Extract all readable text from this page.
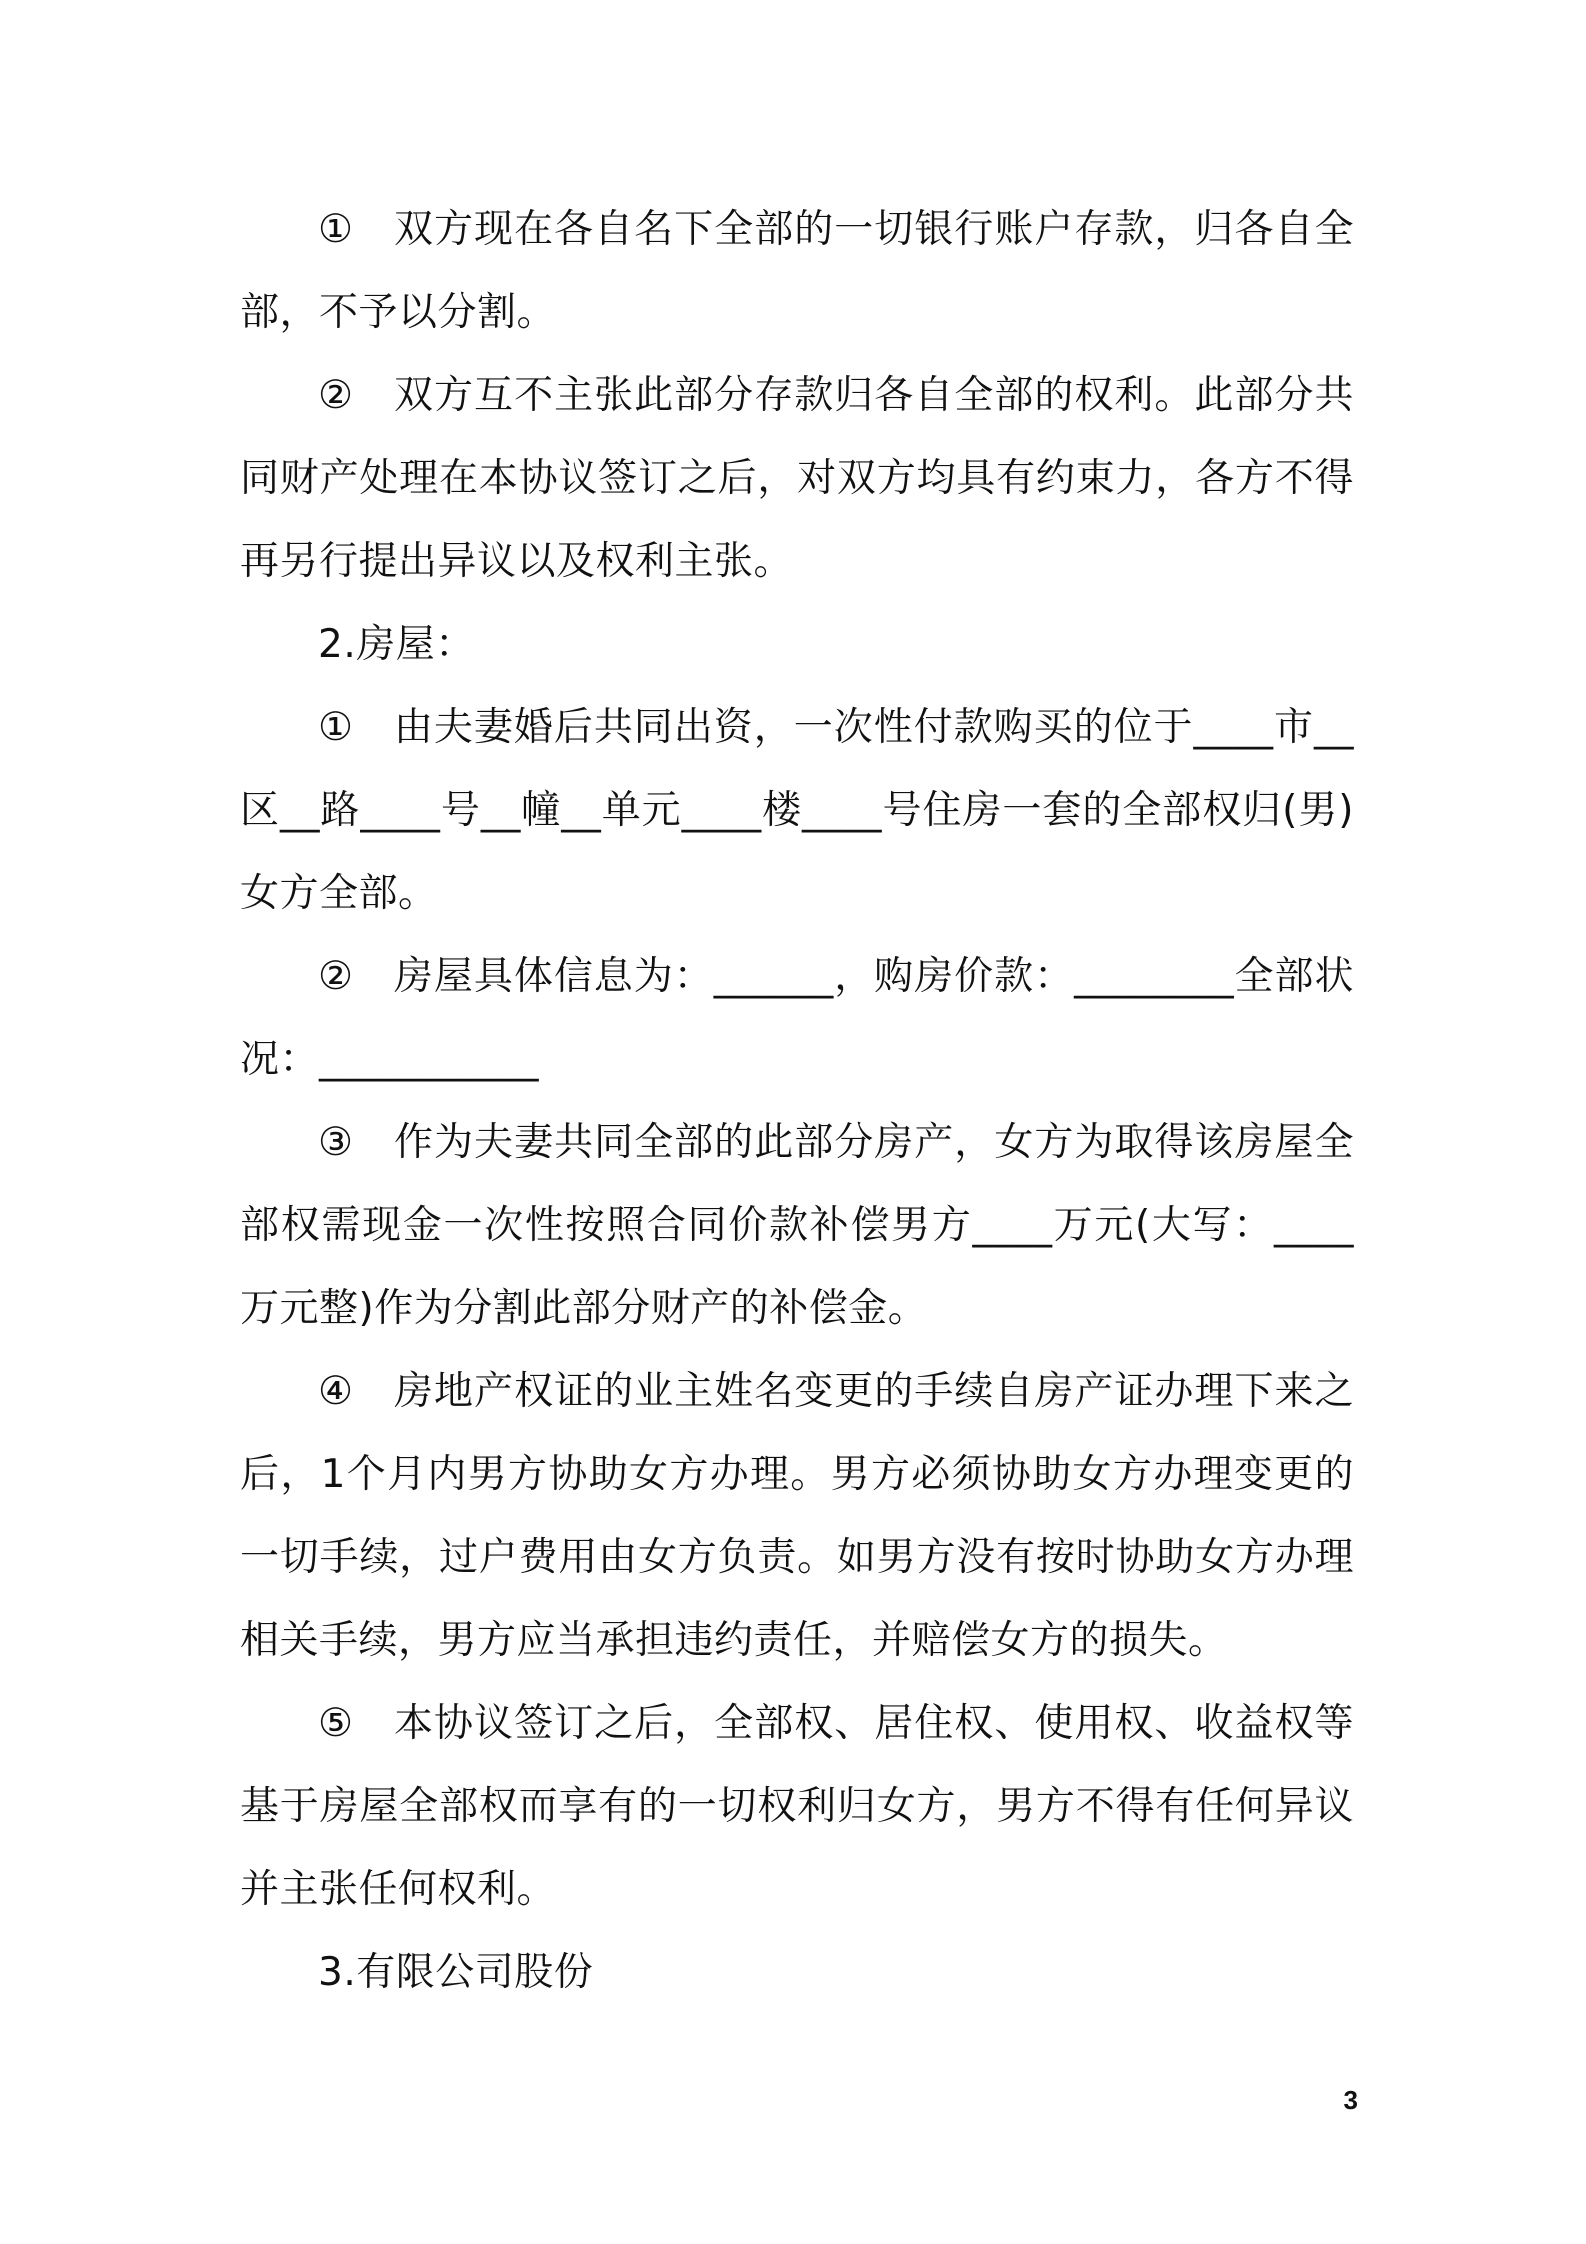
①　双方现在各自名下全部的一切银行账户存款，归各自全部，不予以分割。

②　双方互不主张此部分存款归各自全部的权利。此部分共同财产处理在本协议签订之后，对双方均具有约束力，各方不得再另行提出异议以及权利主张。

2.房屋：

①　由夫妻婚后共同出资，一次性付款购买的位于____市__区__路____号__幢__单元____楼____号住房一套的全部权归(男)女方全部。

②　房屋具体信息为：______，购房价款：________全部状况：___________

③　作为夫妻共同全部的此部分房产，女方为取得该房屋全部权需现金一次性按照合同价款补偿男方____万元(大写：____万元整)作为分割此部分财产的补偿金。

④　房地产权证的业主姓名变更的手续自房产证办理下来之后，1个月内男方协助女方办理。男方必须协助女方办理变更的一切手续，过户费用由女方负责。如男方没有按时协助女方办理相关手续，男方应当承担违约责任，并赔偿女方的损失。

⑤　本协议签订之后，全部权、居住权、使用权、收益权等基于房屋全部权而享有的一切权利归女方，男方不得有任何异议并主张任何权利。

3.有限公司股份

3
